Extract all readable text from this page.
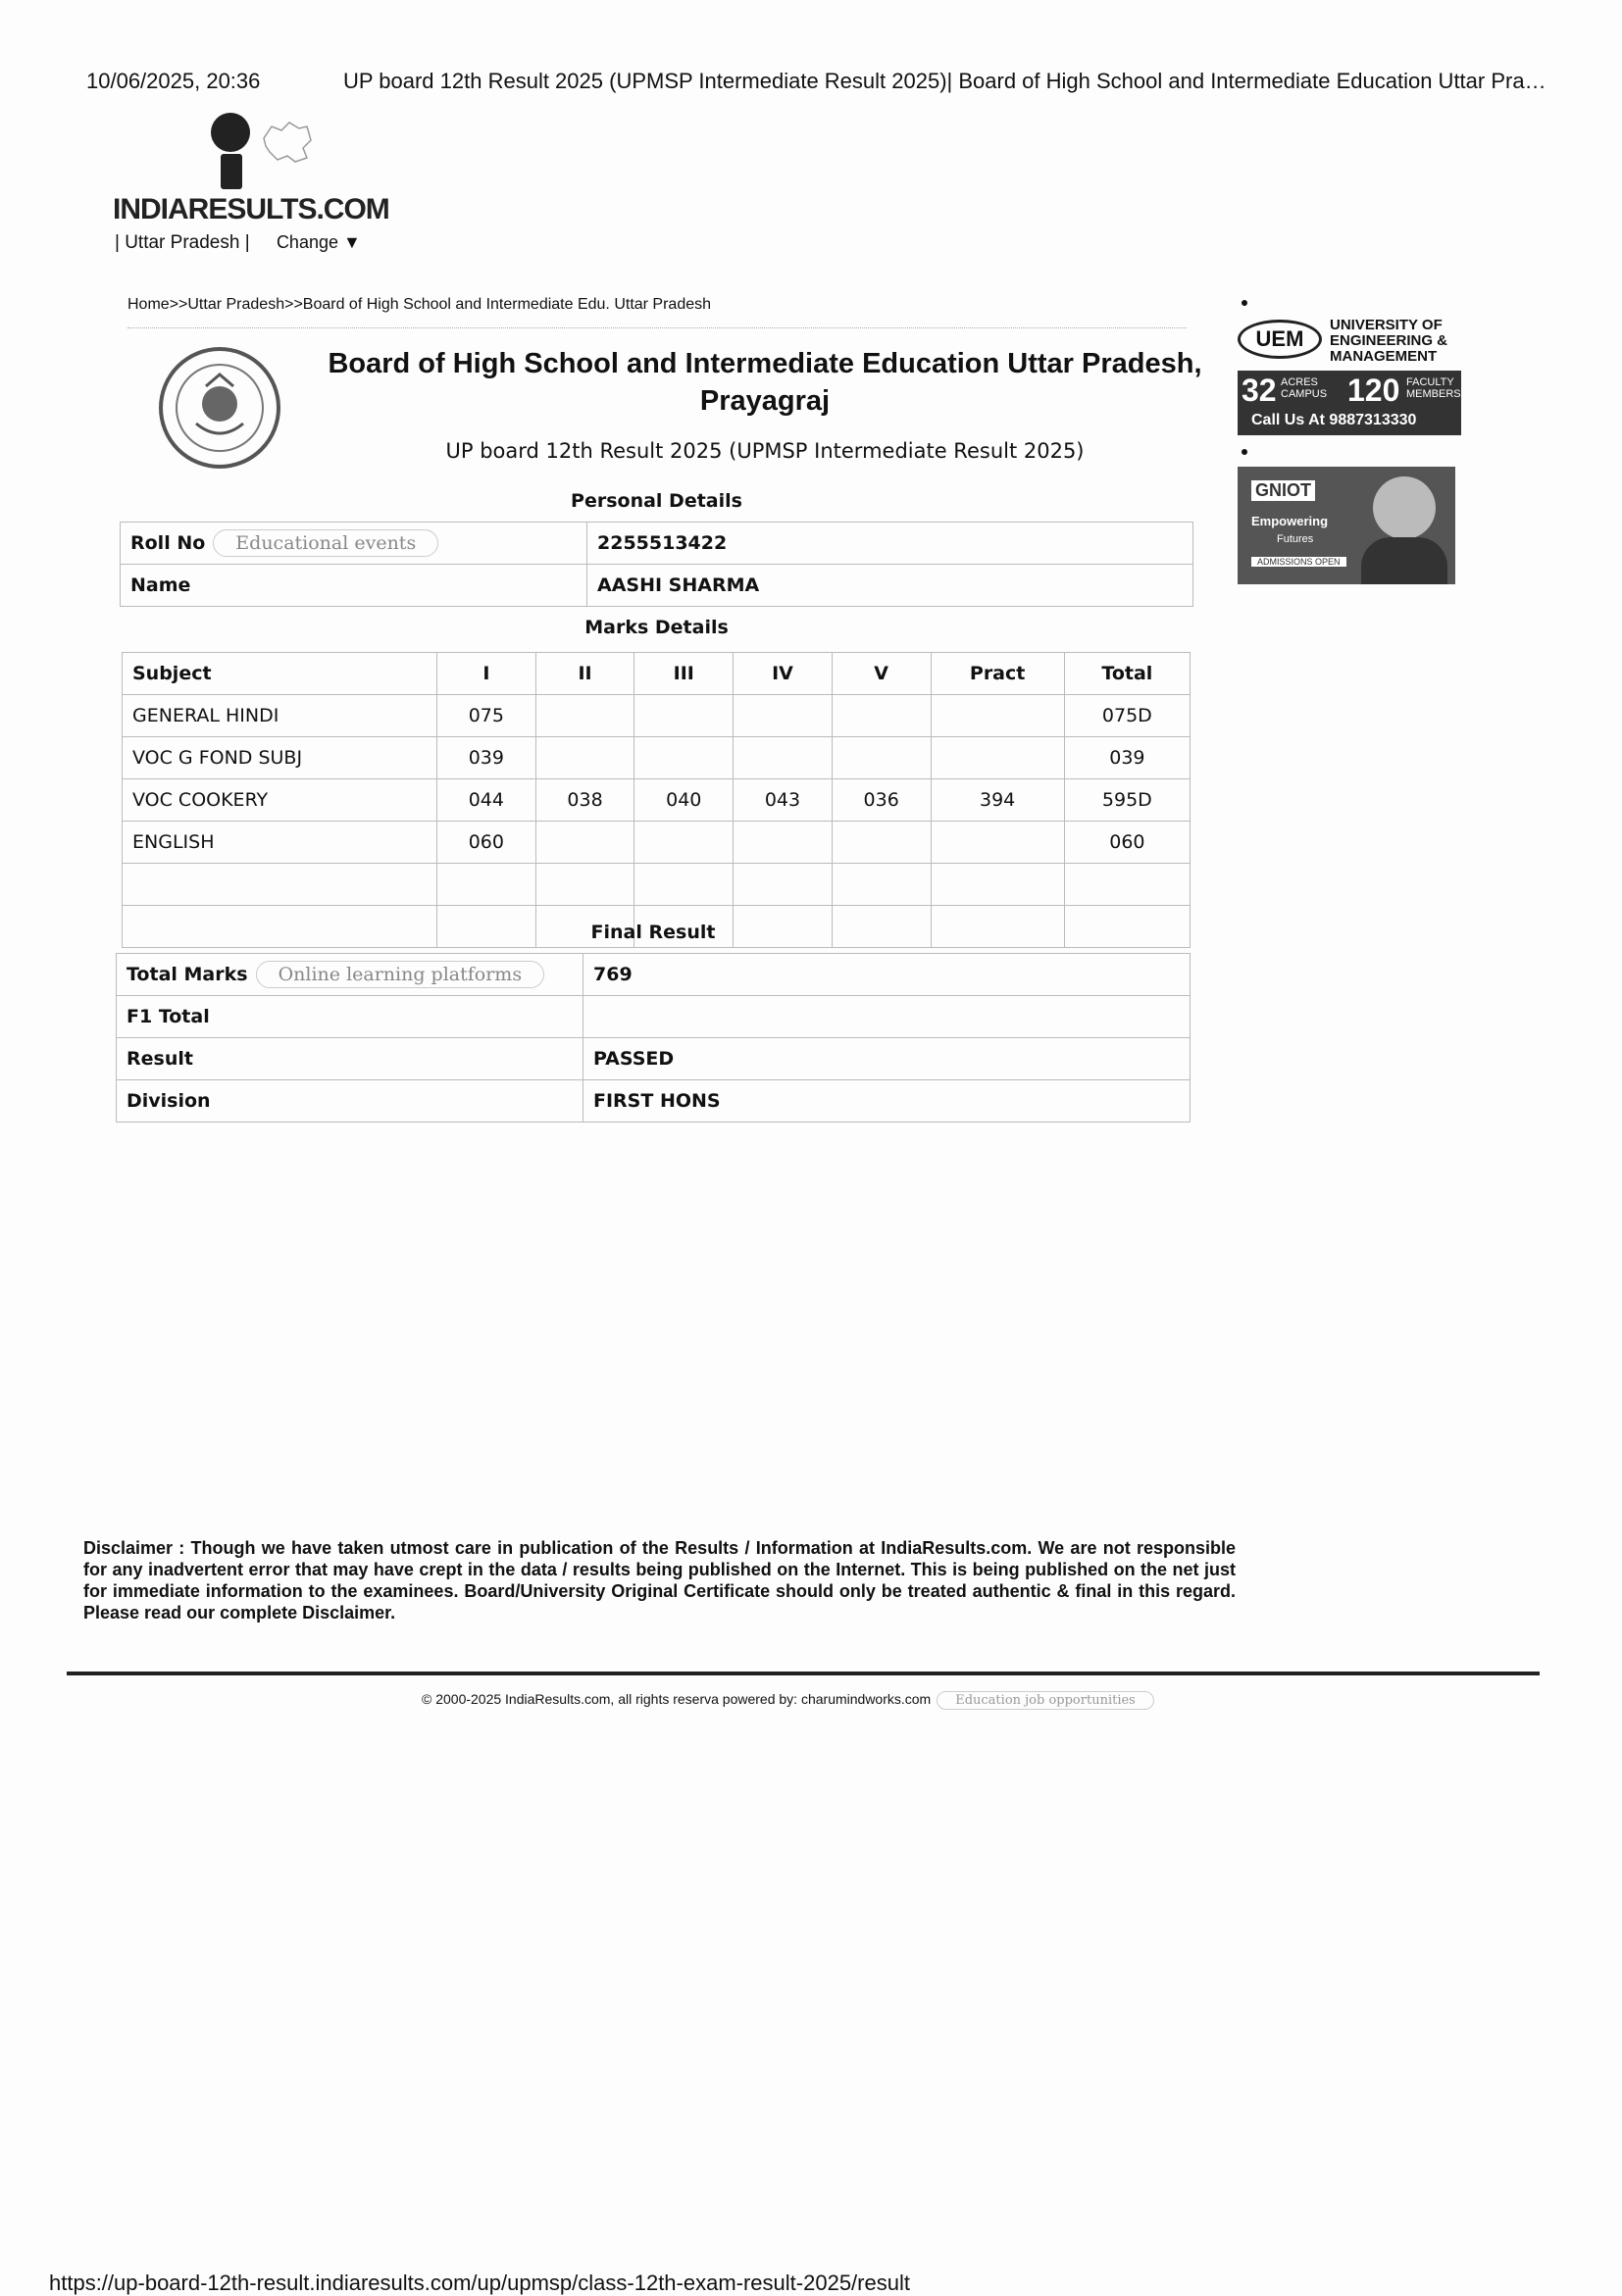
10/06/2025, 20:36	UP board 12th Result 2025 (UPMSP Intermediate Result 2025)| Board of High School and Intermediate Education Uttar Pra…
INDIARESULTS.COM
| Uttar Pradesh | Change ▼
Home>>Uttar Pradesh>>Board of High School and Intermediate Edu. Uttar Pradesh
Board of High School and Intermediate Education Uttar Pradesh, Prayagraj
UP board 12th Result 2025 (UPMSP Intermediate Result 2025)
Personal Details	
Roll No Educational events	2255513422
Name	AASHI SHARMA
Marks Details	
Subject	I	II	III	IV	V	Pract	Total
GENERAL HINDI	075						075D
VOC G FOND SUBJ	039						039
VOC COOKERY	044	038	040	043	036	394	595D
ENGLISH	060						060

Final Result	
Total Marks Online learning platforms	769
F1 Total	
Result	PASSED
Division	FIRST HONS
UEM
UNIVERSITY OF
ENGINEERING &
MANAGEMENT
32 ACRES CAMPUS 120 FACULTY MEMBERS
Call Us At 9887313330
GNIOT
Empowering
Futures
ADMISSIONS OPEN
Disclaimer : Though we have taken utmost care in publication of the Results / Information at IndiaResults.com. We are not responsible for any inadvertent error that may have crept in the data / results being published on the Internet. This is being published on the net just for immediate information to the examinees. Board/University Original Certificate should only be treated authentic & final in this regard. Please read our complete Disclaimer.
© 2000-2025 IndiaResults.com, all rights reserva powered by: charumindworks.com Education job opportunities
https://up-board-12th-result.indiaresults.com/up/upmsp/class-12th-exam-result-2025/result
